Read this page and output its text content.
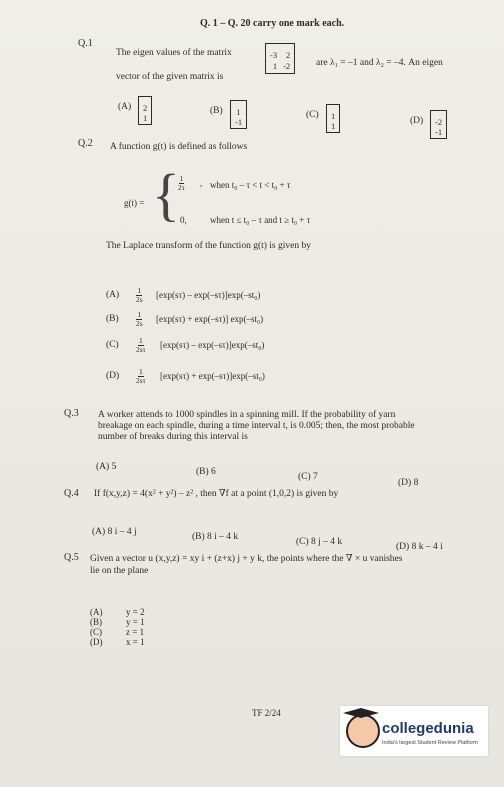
Q. 1 – Q. 20 carry one mark each.
Q.1
The eigen values of the matrix	-3	2
1 -2	are λ₁ = –1 and λ₂ = –4. An eigen
vector of the given matrix is
(A) 2
1
(B) 1
-1
(C) 1
1	(D) -2
-1
Q.2 A function g(t) is defined as follows
g(t) = {
$\frac{1}{2\tau}$ , when t₀ – τ < t < t₀ + τ
0,	when t ≤ t₀ – τ and t ≥ t₀ + τ
The Laplace transform of the function g(t) is given by
$(A) \frac{1}{2s} [\exp(s\tau) - \exp(-s\tau)]\exp(-st_0)$
$(B) \frac{1}{2s} [\exp(s\tau) + \exp(-s\tau)]$ exp(–st₀)
$(C) \frac{1}{2s\tau} [\exp(s\tau) - \exp(-s\tau)]\exp(-st_0)$
$(D) \frac{1}{2s\tau} [\exp(s\tau) + \exp(-s\tau)]\exp(-st_0)$
Q.3 A worker attends to 1000 spindles in a spinning mill. If the probability of yarn
breakage on each spindle, during a time interval t, is 0.005; then, the most probable
number of breaks during this interval is
(A) 5	(B) 6	(C) 7
(D) 8
Q.4 If f(x,y,z) = 4(x² + y²) – z² , then ∇f at a point (1,0,2) is given by
(A) 8 i – 4 j	(B) 8 i – 4 k	(C) 8 j – 4 k	(D) 8 k – 4 i
Q.5 Given a vector u (x,y,z) = xy i + (z+x) j + y k, the points where the ∇ × u vanishes
lie on the plane
(A)	y = 2
(B)	y = 1
(C)	z = 1
(D)	x = 1
TF 2/24
collegedunia
India's largest Student Review Platform
